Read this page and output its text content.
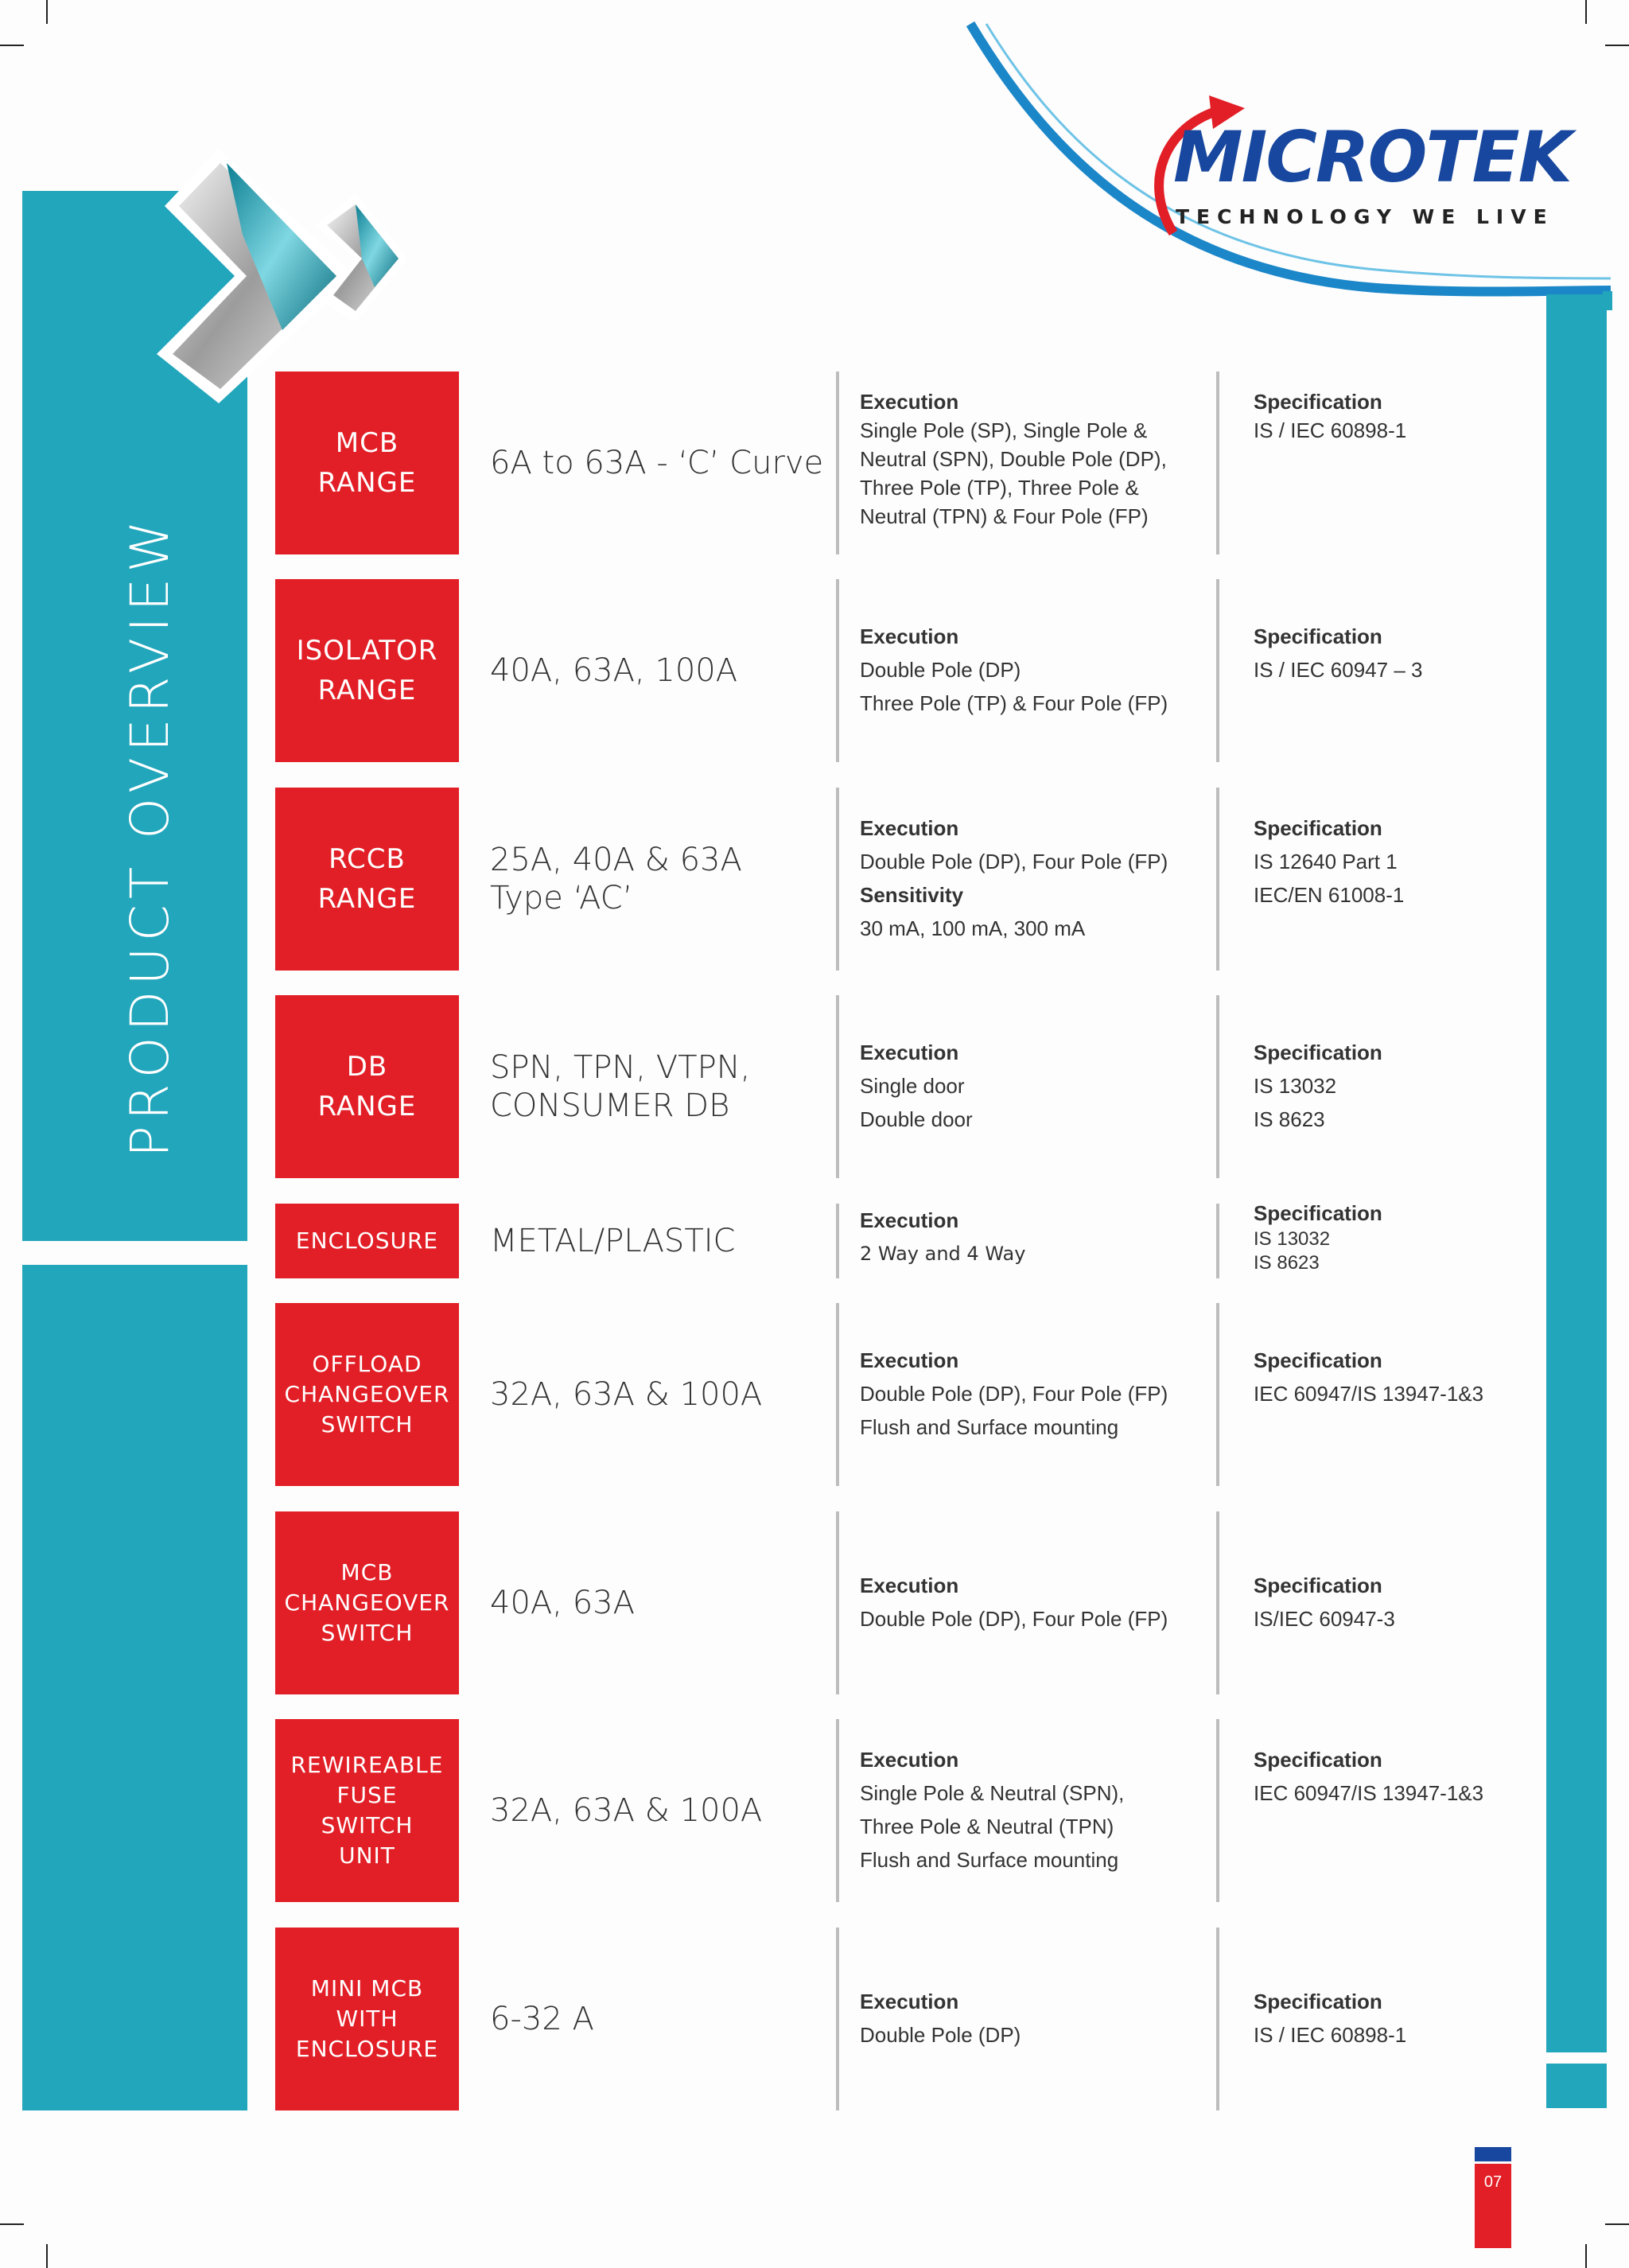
PRODUCT OVERVIEW
MICROTEK
TECHNOLOGY WE LIVE
MCB
RANGE
6A to 63A - ‘C’ Curve
Execution
Single Pole (SP), Single Pole &
Neutral (SPN), Double Pole (DP),
Three Pole (TP), Three Pole &
Neutral (TPN) & Four Pole (FP)
Specification
IS / IEC 60898-1
ISOLATOR
RANGE
40A, 63A, 100A
Execution
Double Pole (DP)
Three Pole (TP) & Four Pole (FP)
Specification
IS / IEC 60947 – 3
RCCB
RANGE
25A, 40A & 63A
Type ‘AC’
Execution
Double Pole (DP), Four Pole (FP)
Sensitivity
30 mA, 100 mA, 300 mA
Specification
IS 12640 Part 1
IEC/EN 61008-1
DB
RANGE
SPN, TPN, VTPN,
CONSUMER DB
Execution
Single door
Double door
Specification
IS 13032
IS 8623
ENCLOSURE METAL/PLASTIC
Execution
2 Way and 4 Way
Specification
IS 13032
IS 8623
OFFLOAD
CHANGEOVER
SWITCH
32A, 63A & 100A
Execution
Double Pole (DP), Four Pole (FP)
Flush and Surface mounting
Specification
IEC 60947/IS 13947-1&3
MCB
CHANGEOVER
SWITCH
40A, 63A	Execution
Double Pole (DP), Four Pole (FP)
Specification
IS/IEC 60947-3
REWIREABLE
FUSE
SWITCH
UNIT
32A, 63A & 100A
Execution
Single Pole & Neutral (SPN),
Three Pole & Neutral (TPN)
Flush and Surface mounting
Specification
IEC 60947/IS 13947-1&3
MINI MCB
WITH
ENCLOSURE
6-32 A	Execution
Double Pole (DP)
Specification
IS / IEC 60898-1
07
